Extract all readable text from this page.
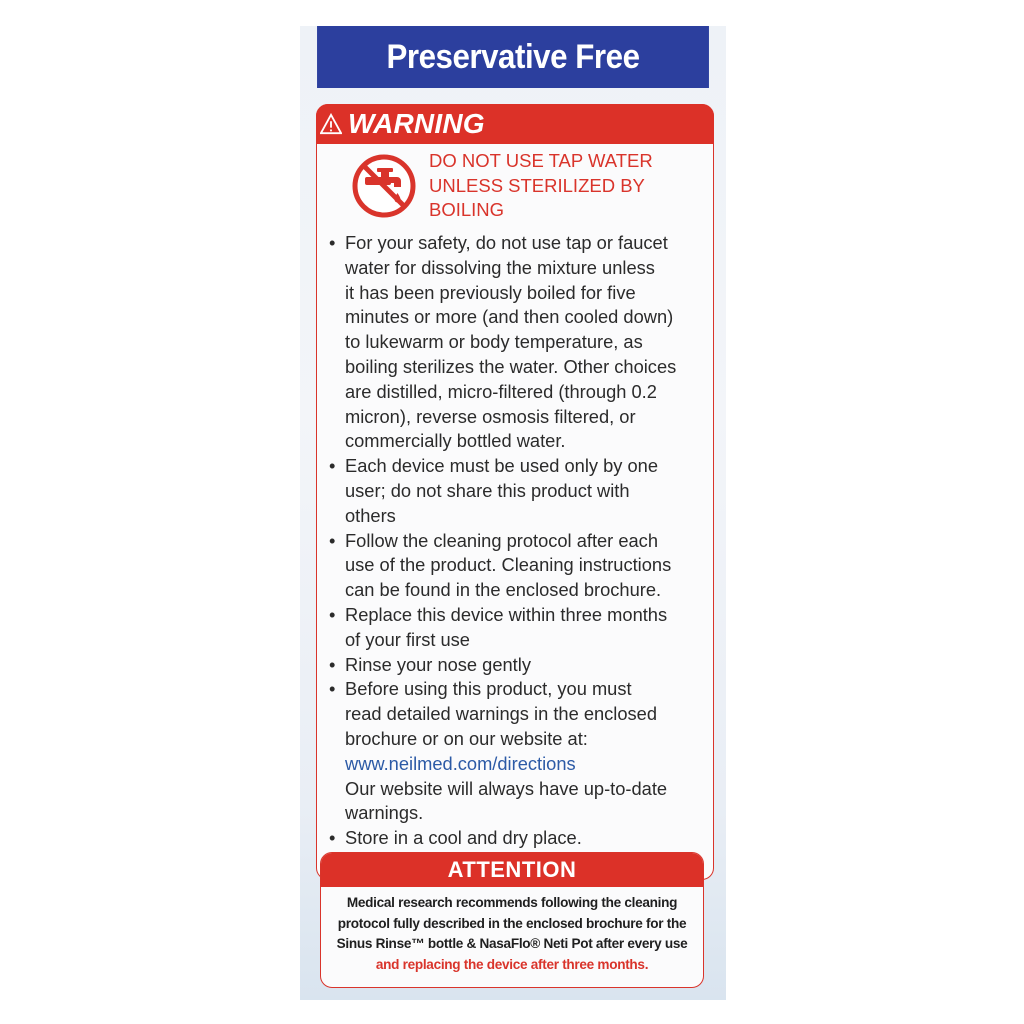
Preservative Free
WARNING

DO NOT USE TAP WATER
UNLESS STERILIZED BY
BOILING

• For your safety, do not use tap or faucet
water for dissolving the mixture unless
it has been previously boiled for five
minutes or more (and then cooled down)
to lukewarm or body temperature, as
boiling sterilizes the water. Other choices
are distilled, micro-filtered (through 0.2
micron), reverse osmosis filtered, or
commercially bottled water.
• Each device must be used only by one
user; do not share this product with
others
• Follow the cleaning protocol after each
use of the product. Cleaning instructions
can be found in the enclosed brochure.
• Replace this device within three months
of your first use
• Rinse your nose gently
• Before using this product, you must
read detailed warnings in the enclosed
brochure or on our website at:
www.neilmed.com/directions
Our website will always have up-to-date
warnings.
• Store in a cool and dry place.
ATTENTION

Medical research recommends following the cleaning protocol fully described in the enclosed brochure for the Sinus Rinse™ bottle & NasaFlo® Neti Pot after every use and replacing the device after three months.
